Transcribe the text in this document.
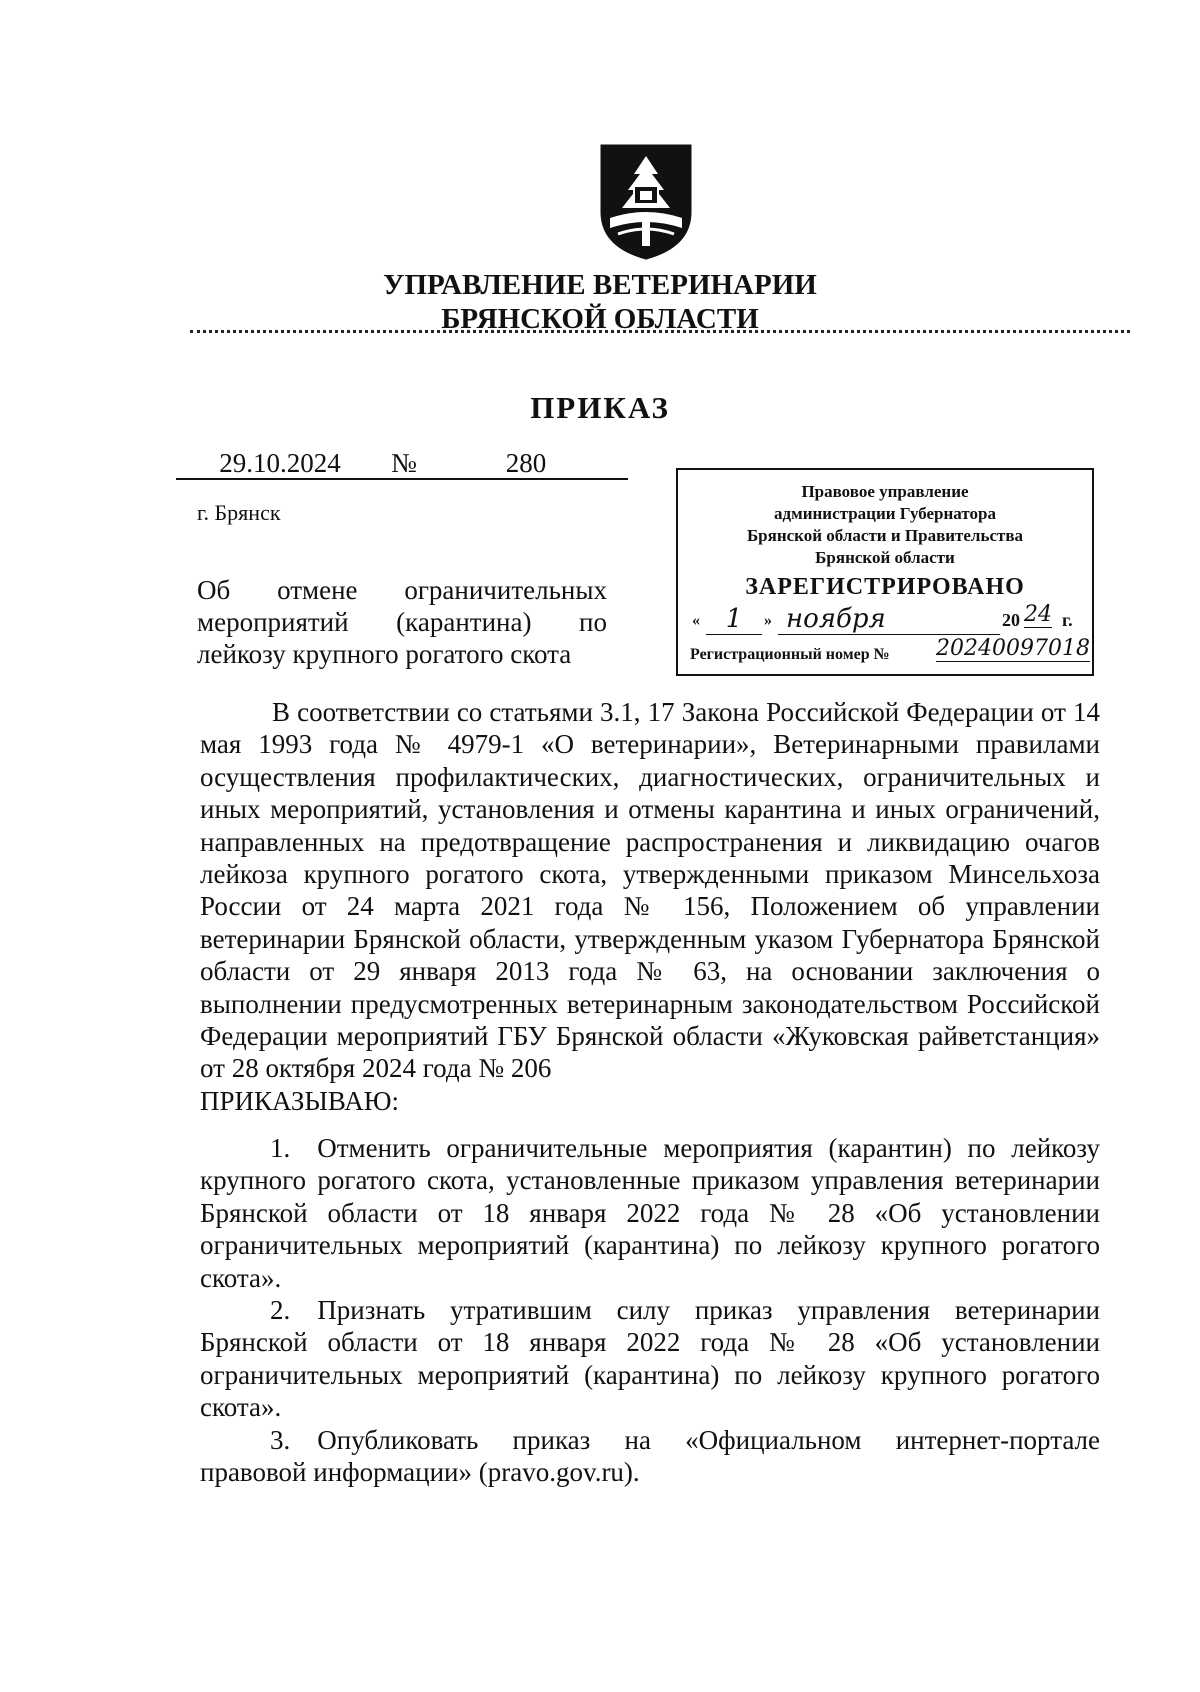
УПРАВЛЕНИЕ ВЕТЕРИНАРИИ
БРЯНСКОЙ ОБЛАСТИ
ПРИКАЗ
29.10.2024	№	280
г. Брянск
Об отмене ограничительных
мероприятий (карантина) по
лейкозу крупного рогатого скота
Правовое управление
администрации Губернатора
Брянской области и Правительства
Брянской области
ЗАРЕГИСТРИРОВАНО
« 1	» ноября	20 24 г.
Регистрационный номер № 20240097018

В соответствии со статьями 3.1, 17 Закона Российской Федерации от 14 мая 1993 года № 4979-1 «О ветеринарии», Ветеринарными правилами осуществления профилактических, диагностических, ограничительных и иных мероприятий, установления и отмены карантина и иных ограничений, направленных на предотвращение распространения и ликвидацию очагов лейкоза крупного рогатого скота, утвержденными приказом Минсельхоза России от 24 марта 2021 года № 156, Положением об управлении ветеринарии Брянской области, утвержденным указом Губернатора Брянской области от 29 января 2013 года № 63, на основании заключения о выполнении предусмотренных ветеринарным законодательством Российской Федерации мероприятий ГБУ Брянской области «Жуковская райветстанция» от 28 октября 2024 года № 206

ПРИКАЗЫВАЮ:

1. Отменить ограничительные мероприятия (карантин) по лейкозу крупного рогатого скота, установленные приказом управления ветеринарии Брянской области от 18 января 2022 года № 28 «Об установлении ограничительных мероприятий (карантина) по лейкозу крупного рогатого скота».

2. Признать утратившим силу приказ управления ветеринарии Брянской области от 18 января 2022 года № 28 «Об установлении ограничительных мероприятий (карантина) по лейкозу крупного рогатого скота».

3. Опубликовать приказ на «Официальном интернет-портале правовой информации» (pravo.gov.ru).
